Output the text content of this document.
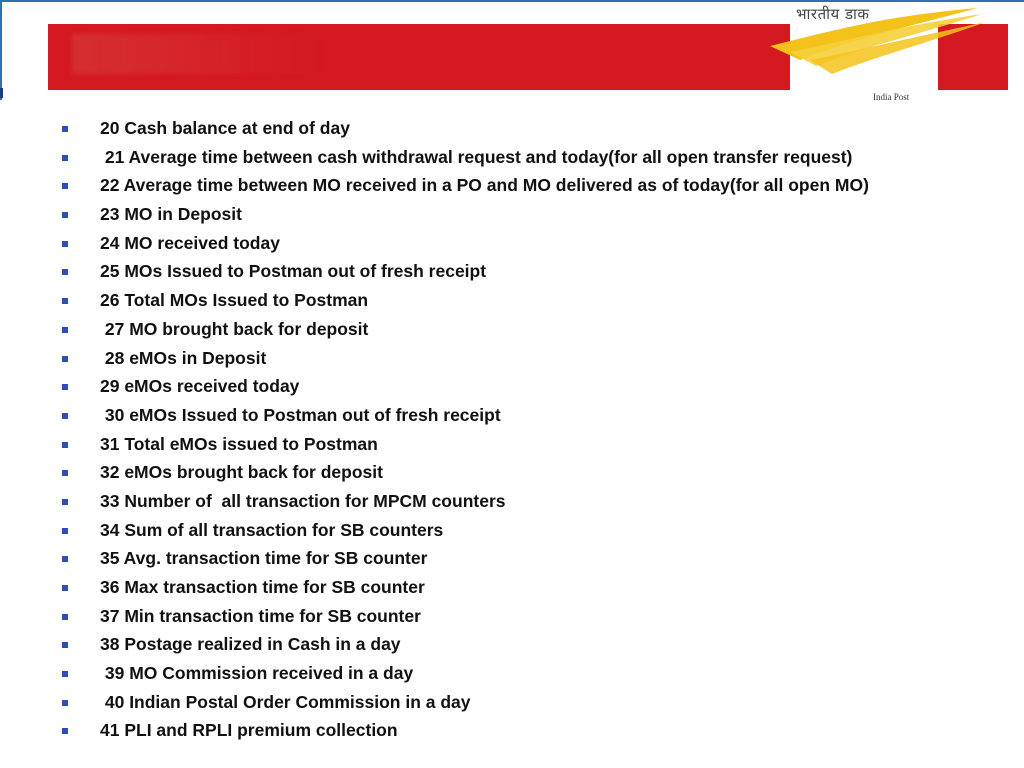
भारतीय डाक
India Post
20 Cash balance at end of day
21 Average time between cash withdrawal request and today(for all open transfer request)
22 Average time between MO received in a PO and MO delivered as of today(for all open MO)
23 MO in Deposit
24 MO received today
25 MOs Issued to Postman out of fresh receipt
26 Total MOs Issued to Postman
27 MO brought back for deposit
28 eMOs in Deposit
29 eMOs received today
30 eMOs Issued to Postman out of fresh receipt
31 Total eMOs issued to Postman
32 eMOs brought back for deposit
33 Number of  all transaction for MPCM counters
34 Sum of all transaction for SB counters
35 Avg. transaction time for SB counter
36 Max transaction time for SB counter
37 Min transaction time for SB counter
38 Postage realized in Cash in a day
39 MO Commission received in a day
40 Indian Postal Order Commission in a day
41 PLI and RPLI premium collection
